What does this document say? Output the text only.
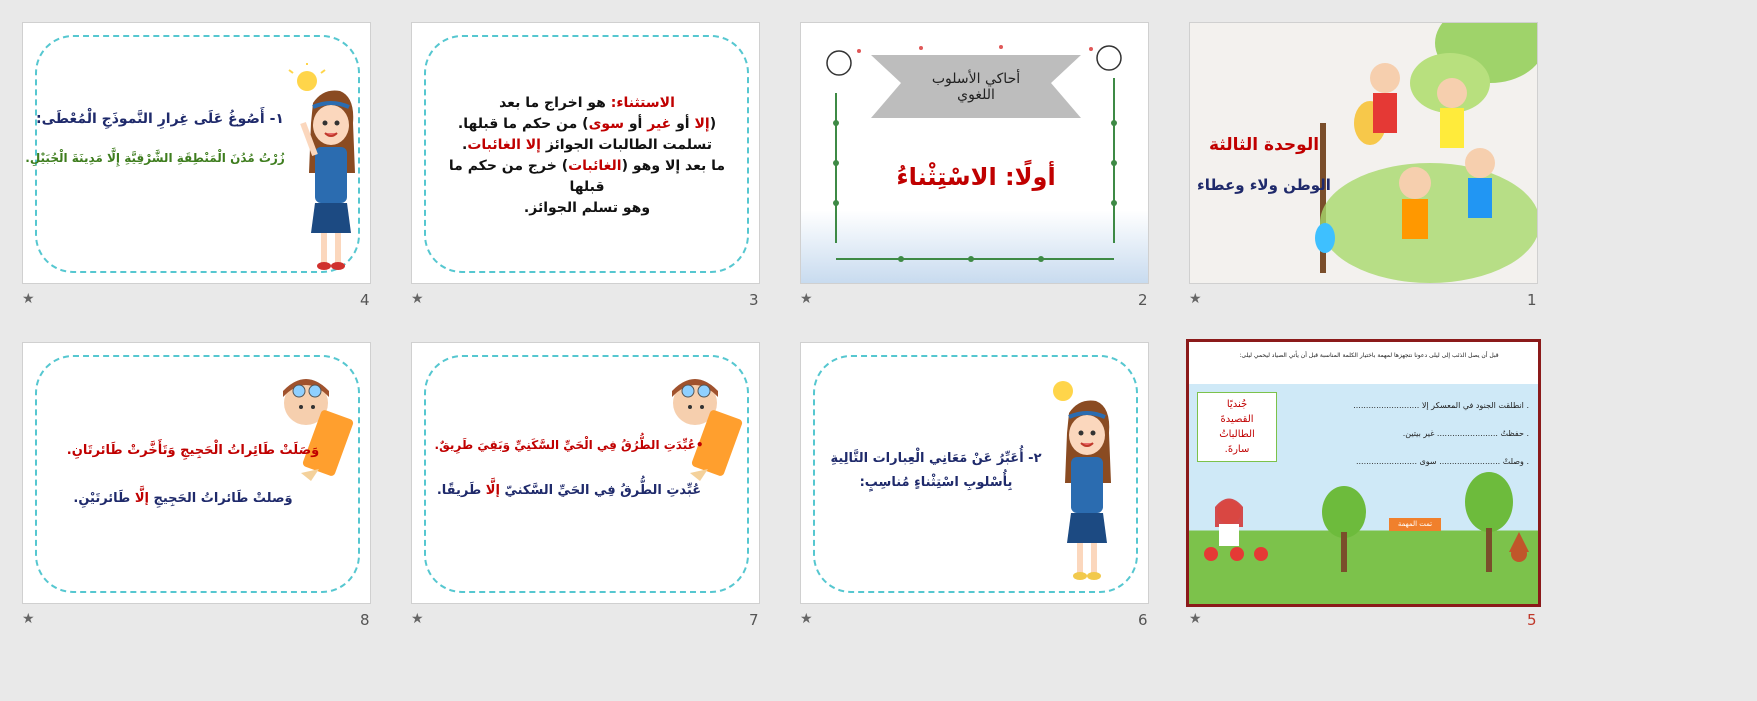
١- أَصُوغُ عَلَى غِرارِ النَّموذَجِ الْمُعْطَى:
زُرْتُ مُدُنَ الْمَنْطِقَةِ الشَّرْقِيَّةِ إِلَّا مَدِينَةَ الْجُبَيْلِ.
★	4
الاستثناء: هو اخراج ما بعد
(إلا أو غير أو سوى) من حكم ما قبلها.
تسلمت الطالبات الجوائز إلا الغائبات.
ما بعد إلا وهو (الغائبات) خرج من حكم ما قبلها
وهو تسلم الجوائز.
★	3
أحاكي الأسلوب اللغوي
أولًا: الاسْتِثْناءُ
★	2
الوحدة الثالثة
الوطن ولاء وعطاء
★	1
وَصَلَتْ طَائِراتُ الْحَجِيجِ وَتَأَخَّرتْ طَائرتَانِ.
وَصلتْ طَائراتُ الحَجِيجِ إلَّا طَائرتَيْنِ.
★	8
•عُبِّدَتِ الطُّرُقُ فِي الْحَيِّ السَّكَنِيِّ وَبَقِيَ طَرِيقٌ.
عُبِّدتِ الطُّرقُ فِي الحَيِّ السَّكنيّ إلَّا طَريقًا.
★	7
٢- أُعَبِّرُ عَنْ مَعَانِي الْعِبارات التَّالِيةِ
بِأُسْلوبِ اسْتِثْناءٍ مُناسِبٍ:
★	6
قبل أن يصل الذئب إلى ليلى دعونا نتجهزها لمهمة باختيار الكلمة المناسبة قبل أن يأتي الصياد ليحمي ليلى:
جُنديًا
القصيدةَ
الطالباتُ
سارةَ.
. انطلقت الجنود في المعسكر إلا ..........................
. حفظتُ ........................ غير بيتين.
. وصلتْ ........................ سوى ........................
تمت المهمة
★	5
